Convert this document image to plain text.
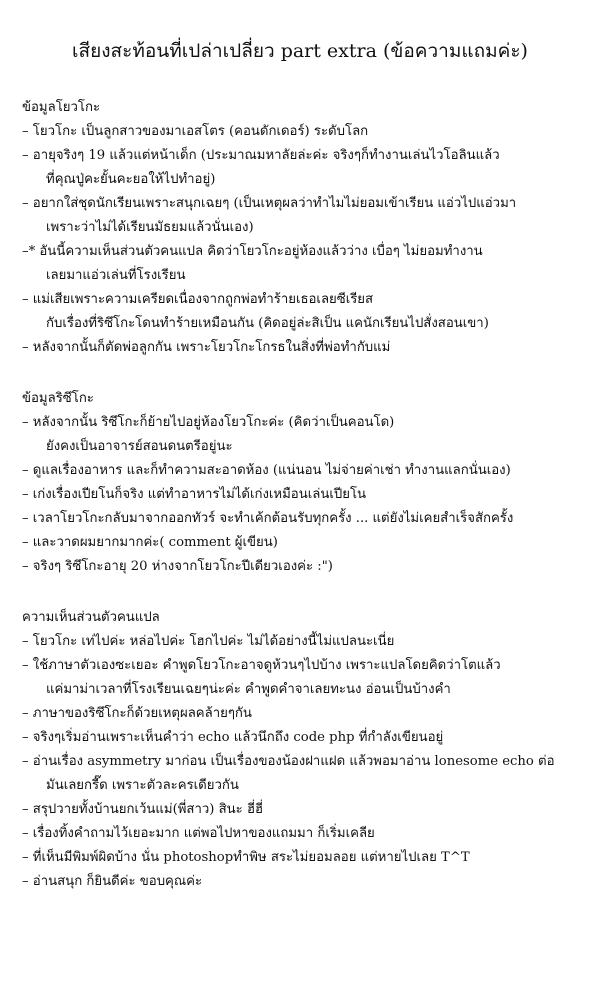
เสียงสะท้อนที่เปล่าเปลี่ยว part extra (ข้อความแถมค่ะ)
ข้อมูลโยวโกะ
– โยวโกะ เป็นลูกสาวของมาเอสโตร (คอนดักเดอร์) ระดับโลก
– อายุจริงๆ 19 แล้วแต่หน้าเด็ก (ประมาณมหาลัยล่ะค่ะ จริงๆก็ทำงานเล่นไวโอลินแล้ว
ที่คุณปู่คะยั้นคะยอให้ไปทำอยู่)
– อยากใส่ชุดนักเรียนเพราะสนุกเฉยๆ (เป็นเหตุผลว่าทำไมไม่ยอมเข้าเรียน แอ่วไปแอ่วมา
เพราะว่าไม่ได้เรียนมัธยมแล้วนั่นเอง)
–* อันนี้ความเห็นส่วนตัวคนแปล คิดว่าโยวโกะอยู่ห้องแล้วว่าง เบื่อๆ ไม่ยอมทำงาน
เลยมาแอ่วเล่นที่โรงเรียน
– แม่เสียเพราะความเครียดเนื่องจากถูกพ่อทำร้ายเธอเลยซีเรียส
กับเรื่องที่ริซึโกะโดนทำร้ายเหมือนกัน (คิดอยู่ล่ะสิเป็น แคนักเรียนไปสั่งสอนเขา)
– หลังจากนั้นก็ตัดพ่อลูกกัน เพราะโยวโกะโกรธในสิ่งที่พ่อทำกับแม่
ข้อมูลริซึโกะ
– หลังจากนั้น ริซึโกะก็ย้ายไปอยู่ห้องโยวโกะค่ะ (คิดว่าเป็นคอนโด)
ยังคงเป็นอาจารย์สอนดนตรีอยู่นะ
– ดูแลเรื่องอาหาร และก็ทำความสะอาดห้อง (แน่นอน ไม่จ่ายค่าเช่า ทำงานแลกนั่นเอง)
– เก่งเรื่องเปียโนก็จริง แต่ทำอาหารไม่ได้เก่งเหมือนเล่นเปียโน
– เวลาโยวโกะกลับมาจากออกทัวร์ จะทำเค้กต้อนรับทุกครั้ง ... แต่ยังไม่เคยสำเร็จสักครั้ง
– และวาดผมยากมากค่ะ( comment ผู้เขียน)
– จริงๆ ริซึโกะอายุ 20 ห่างจากโยวโกะปีเดียวเองค่ะ :")
ความเห็นส่วนตัวคนแปล
– โยวโกะ เท่ไปค่ะ หล่อไปค่ะ โฮกไปค่ะ ไม่ได้อย่างนี้ไม่แปลนะเนี่ย
– ใช้ภาษาตัวเองซะเยอะ คำพูดโยวโกะอาจดูห้วนๆไปบ้าง เพราะแปลโดยคิดว่าโตแล้ว
แค่มาม่าเวลาที่โรงเรียนเฉยๆน่ะค่ะ คำพูดคำจาเลยทะนง อ่อนเป็นบ้างคำ
– ภาษาของริซึโกะก็ด้วยเหตุผลคล้ายๆกัน
– จริงๆเริ่มอ่านเพราะเห็นคำว่า echo แล้วนึกถึง code php ที่กำลังเขียนอยู่
– อ่านเรื่อง asymmetry มาก่อน เป็นเรื่องของน้องฝาแฝด แล้วพอมาอ่าน lonesome echo ต่อ
มันเลยกรี๊ด เพราะตัวละครเดียวกัน
– สรุปวายทั้งบ้านยกเว้นแม่(พี่สาว) สินะ ฮี่ฮี่
– เรื่องทิ้งคำถามไว้เยอะมาก แต่พอไปหาของแถมมา ก็เริ่มเคลีย
– ที่เห็นมีพิมพ์ผิดบ้าง นั่น photoshopทำพิษ สระไม่ยอมลอย แต่หายไปเลย T^T
– อ่านสนุก ก็ยินดีค่ะ ขอบคุณค่ะ
